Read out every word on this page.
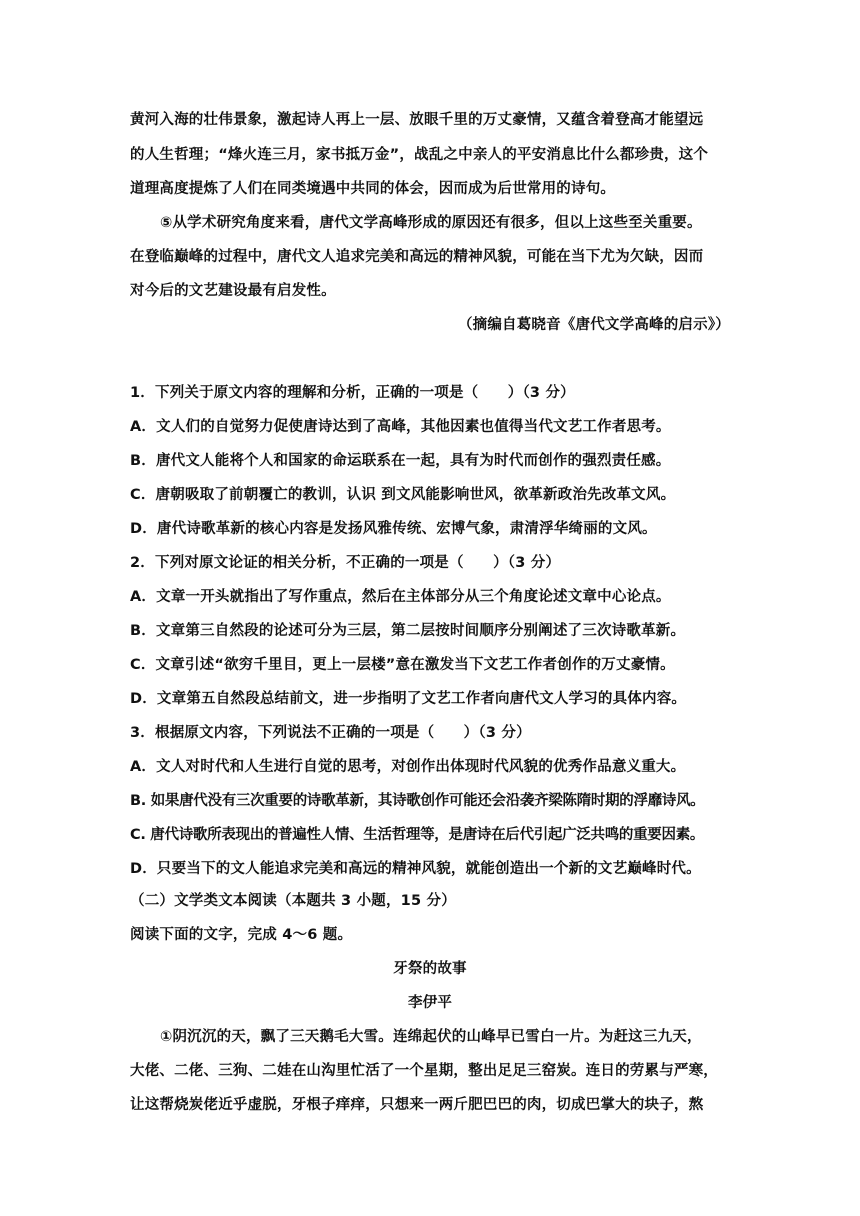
黄河入海的壮伟景象，激起诗人再上一层、放眼千里的万丈豪情，又蕴含着登高才能望远
的人生哲理；“烽火连三月，家书抵万金”，战乱之中亲人的平安消息比什么都珍贵，这个
道理高度提炼了人们在同类境遇中共同的体会，因而成为后世常用的诗句。
⑤从学术研究角度来看，唐代文学高峰形成的原因还有很多，但以上这些至关重要。
在登临巅峰的过程中，唐代文人追求完美和高远的精神风貌，可能在当下尤为欠缺，因而
对今后的文艺建设最有启发性。
（摘编自葛晓音《唐代文学高峰的启示》）
1．下列关于原文内容的理解和分析，正确的一项是（　　）（3 分）
A．文人们的自觉努力促使唐诗达到了高峰，其他因素也值得当代文艺工作者思考。
B．唐代文人能将个人和国家的命运联系在一起，具有为时代而创作的强烈责任感。
C．唐朝吸取了前朝覆亡的教训，认识 到文风能影响世风，欲革新政治先改革文风。
D．唐代诗歌革新的核心内容是发扬风雅传统、宏博气象，肃清浮华绮丽的文风。
2．下列对原文论证的相关分析，不正确的一项是（　　）（3 分）
A．文章一开头就指出了写作重点，然后在主体部分从三个角度论述文章中心论点。
B．文章第三自然段的论述可分为三层，第二层按时间顺序分别阐述了三次诗歌革新。
C．文章引述“欲穷千里目，更上一层楼”意在激发当下文艺工作者创作的万丈豪情。
D．文章第五自然段总结前文，进一步指明了文艺工作者向唐代文人学习的具体内容。
3．根据原文内容，下列说法不正确的一项是（　　）（3 分）
A．文人对时代和人生进行自觉的思考，对创作出体现时代风貌的优秀作品意义重大。
B. 如果唐代没有三次重要的诗歌革新，其诗歌创作可能还会沿袭齐梁陈隋时期的浮靡诗风。
C. 唐代诗歌所表现出的普遍性人情、生活哲理等，是唐诗在后代引起广泛共鸣的重要因素。
D．只要当下的文人能追求完美和高远的精神风貌，就能创造出一个新的文艺巅峰时代。
（二）文学类文本阅读（本题共 3 小题，15 分）
阅读下面的文字，完成 4～6 题。
牙祭的故事
李伊平
①阴沉沉的天，飘了三天鹅毛大雪。连绵起伏的山峰早已雪白一片。为赶这三九天，
大佬、二佬、三狗、二娃在山沟里忙活了一个星期，整出足足三窑炭。连日的劳累与严寒，
让这帮烧炭佬近乎虚脱，牙根子痒痒，只想来一两斤肥巴巴的肉，切成巴掌大的块子，熬
